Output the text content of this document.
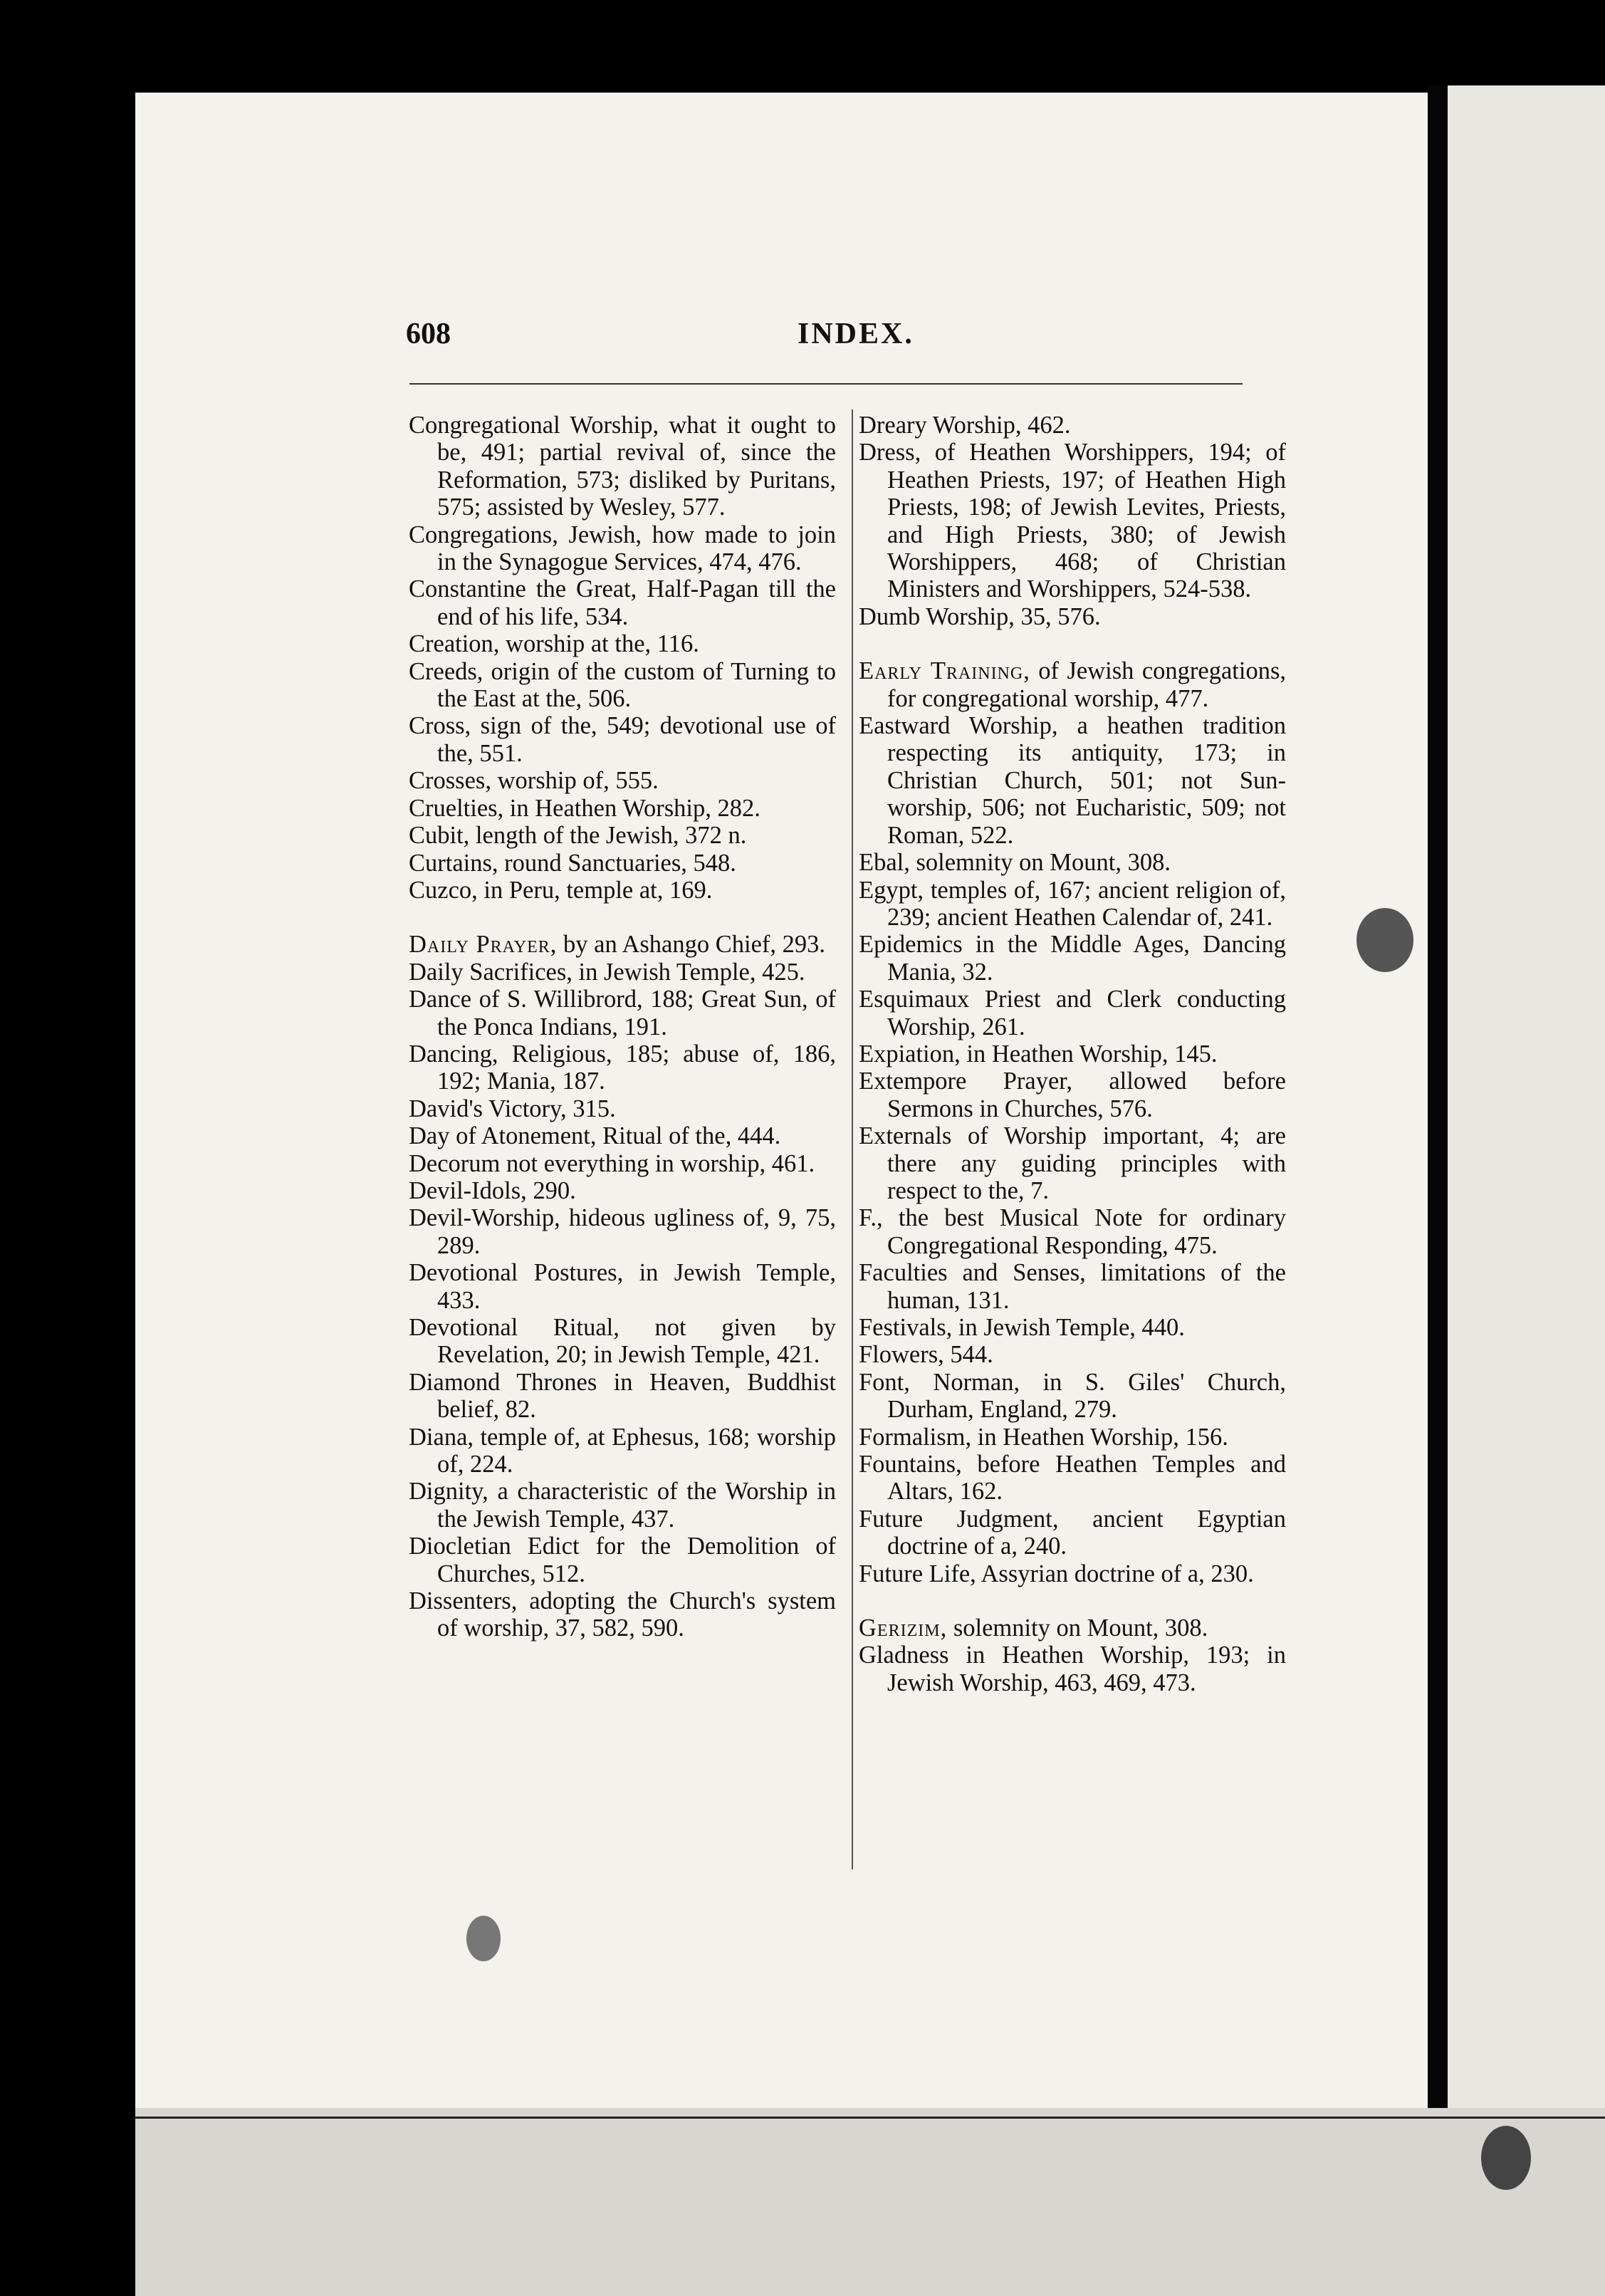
608	INDEX.
Congregational Worship, what it ought to be, 491; partial revival of, since the Reformation, 573; disliked by Puritans, 575; assisted by Wesley, 577.
Congregations, Jewish, how made to join in the Synagogue Services, 474, 476.
Constantine the Great, Half-Pagan till the end of his life, 534.
Creation, worship at the, 116.
Creeds, origin of the custom of Turning to the East at the, 506.
Cross, sign of the, 549; devotional use of the, 551.
Crosses, worship of, 555.
Cruelties, in Heathen Worship, 282.
Cubit, length of the Jewish, 372 n.
Curtains, round Sanctuaries, 548.
Cuzco, in Peru, temple at, 169.
Daily Prayer, by an Ashango Chief, 293.
Daily Sacrifices, in Jewish Temple, 425.
Dance of S. Willibrord, 188; Great Sun, of the Ponca Indians, 191.
Dancing, Religious, 185; abuse of, 186, 192; Mania, 187.
David's Victory, 315.
Day of Atonement, Ritual of the, 444.
Decorum not everything in worship, 461.
Devil-Idols, 290.
Devil-Worship, hideous ugliness of, 9, 75, 289.
Devotional Postures, in Jewish Temple, 433.
Devotional Ritual, not given by Revelation, 20; in Jewish Temple, 421.
Diamond Thrones in Heaven, Buddhist belief, 82.
Diana, temple of, at Ephesus, 168; worship of, 224.
Dignity, a characteristic of the Worship in the Jewish Temple, 437.
Diocletian Edict for the Demolition of Churches, 512.
Dissenters, adopting the Church's system of worship, 37, 582, 590.
Dreary Worship, 462.
Dress, of Heathen Worshippers, 194; of Heathen Priests, 197; of Heathen High Priests, 198; of Jewish Levites, Priests, and High Priests, 380; of Jewish Worshippers, 468; of Christian Ministers and Worshippers, 524-538.
Dumb Worship, 35, 576.
Early Training, of Jewish congregations, for congregational worship, 477.
Eastward Worship, a heathen tradition respecting its antiquity, 173; in Christian Church, 501; not Sun-worship, 506; not Eucharistic, 509; not Roman, 522.
Ebal, solemnity on Mount, 308.
Egypt, temples of, 167; ancient religion of, 239; ancient Heathen Calendar of, 241.
Epidemics in the Middle Ages, Dancing Mania, 32.
Esquimaux Priest and Clerk conducting Worship, 261.
Expiation, in Heathen Worship, 145.
Extempore Prayer, allowed before Sermons in Churches, 576.
Externals of Worship important, 4; are there any guiding principles with respect to the, 7.
F., the best Musical Note for ordinary Congregational Responding, 475.
Faculties and Senses, limitations of the human, 131.
Festivals, in Jewish Temple, 440.
Flowers, 544.
Font, Norman, in S. Giles' Church, Durham, England, 279.
Formalism, in Heathen Worship, 156.
Fountains, before Heathen Temples and Altars, 162.
Future Judgment, ancient Egyptian doctrine of a, 240.
Future Life, Assyrian doctrine of a, 230.
Gerizim, solemnity on Mount, 308.
Gladness in Heathen Worship, 193; in Jewish Worship, 463, 469, 473.
